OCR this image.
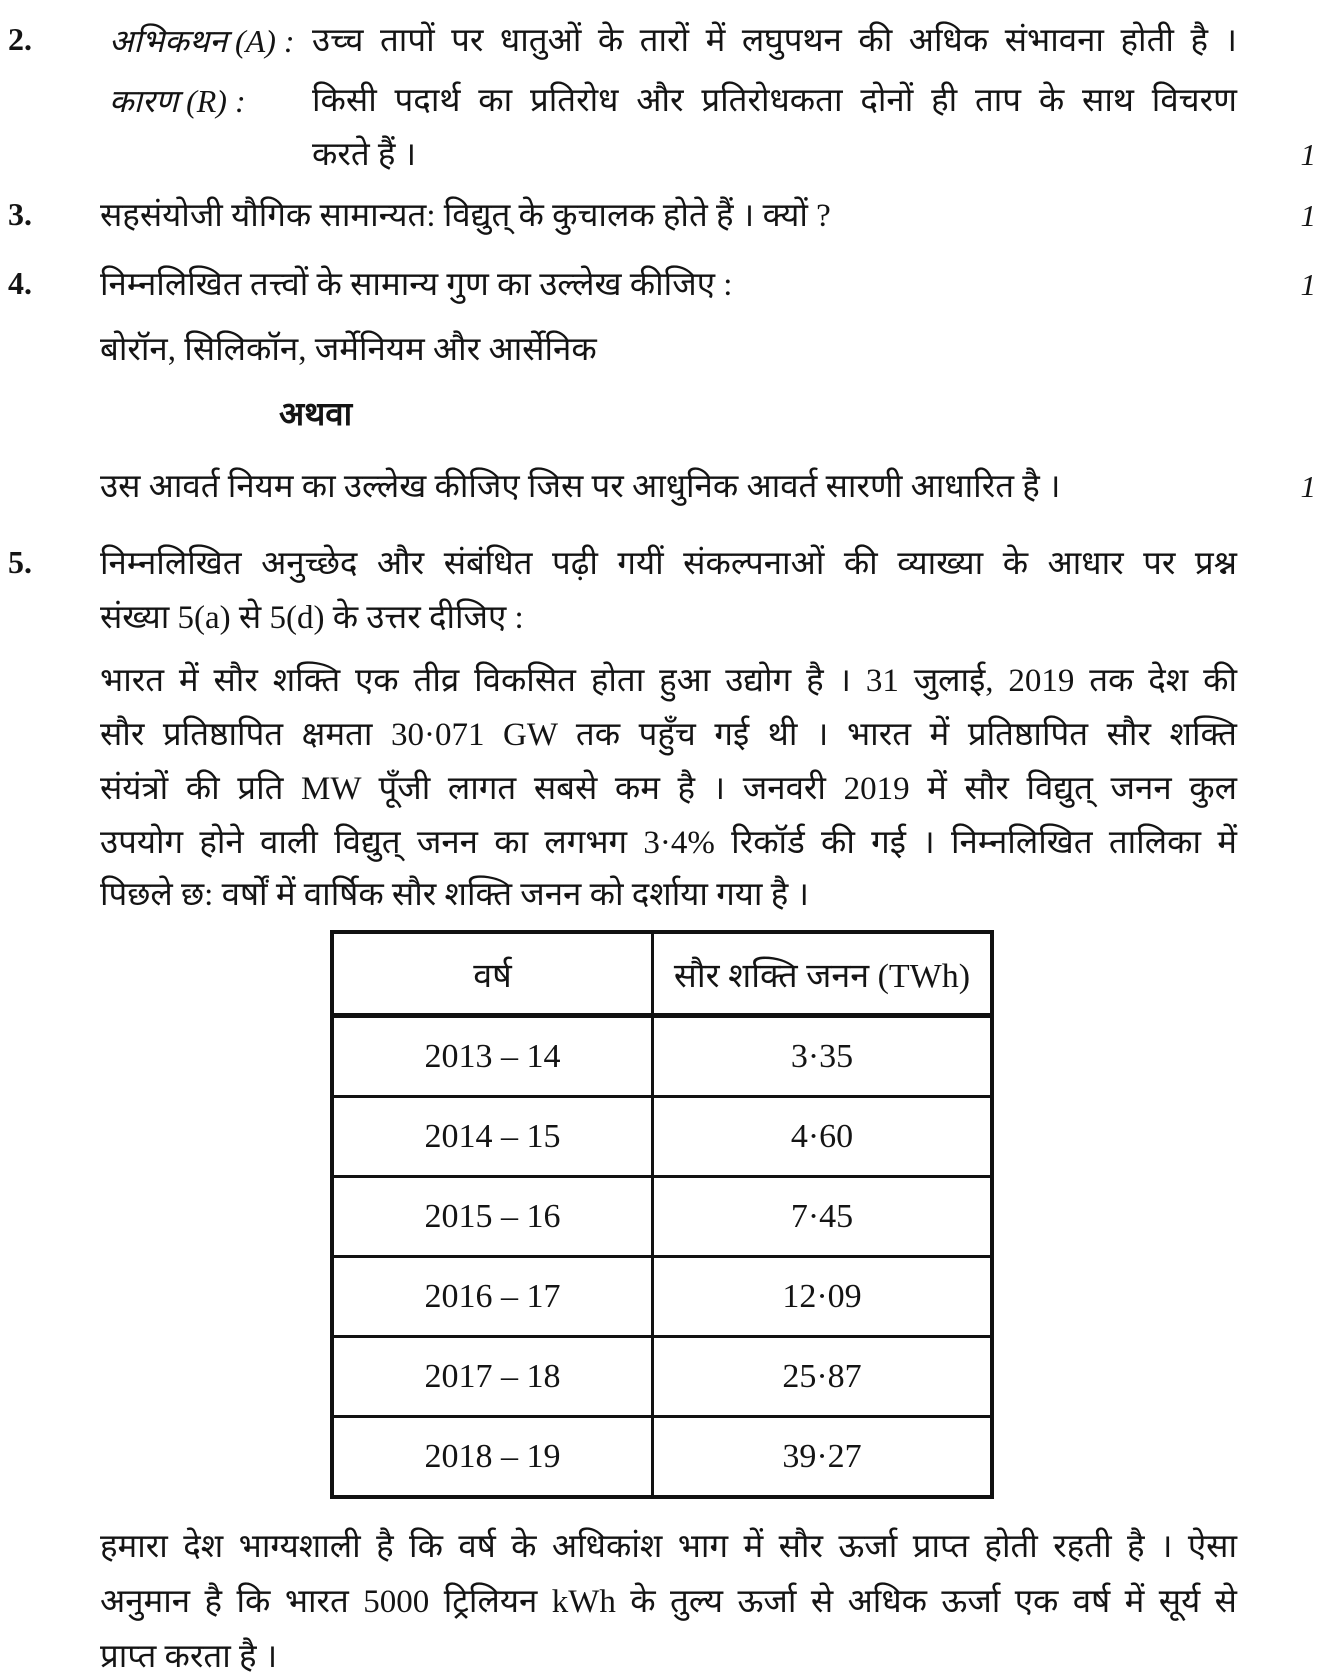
2. अभिकथन (A) : उच्च तापों पर धातुओं के तारों में लघुपथन की अधिक संभावना होती है ।
कारण (R) : किसी पदार्थ का प्रतिरोध और प्रतिरोधकता दोनों ही ताप के साथ विचरण
करते हैं ।	1
3. सहसंयोजी यौगिक सामान्यत: विद्युत् के कुचालक होते हैं । क्यों ?	1
4. निम्नलिखित तत्त्वों के सामान्य गुण का उल्लेख कीजिए :	1
बोरॉन, सिलिकॉन, जर्मेनियम और आर्सेनिक
अथवा
उस आवर्त नियम का उल्लेख कीजिए जिस पर आधुनिक आवर्त सारणी आधारित है ।	1
5. निम्नलिखित अनुच्छेद और संबंधित पढ़ी गयीं संकल्पनाओं की व्याख्या के आधार पर प्रश्न
संख्या 5(a) से 5(d) के उत्तर दीजिए :
भारत में सौर शक्ति एक तीव्र विकसित होता हुआ उद्योग है । 31 जुलाई, 2019 तक देश की
सौर प्रतिष्ठापित क्षमता 30·071 GW तक पहुँच गई थी । भारत में प्रतिष्ठापित सौर शक्ति
संयंत्रों की प्रति MW पूँजी लागत सबसे कम है । जनवरी 2019 में सौर विद्युत् जनन कुल
उपयोग होने वाली विद्युत् जनन का लगभग 3·4% रिकॉर्ड की गई । निम्नलिखित तालिका में
पिछले छ: वर्षों में वार्षिक सौर शक्ति जनन को दर्शाया गया है ।
वर्ष	सौर शक्ति जनन (TWh)
2013 – 14	3·35
2014 – 15	4·60
2015 – 16	7·45
2016 – 17	12·09
2017 – 18	25·87
2018 – 19	39·27
हमारा देश भाग्यशाली है कि वर्ष के अधिकांश भाग में सौर ऊर्जा प्राप्त होती रहती है । ऐसा
अनुमान है कि भारत 5000 ट्रिलियन kWh के तुल्य ऊर्जा से अधिक ऊर्जा एक वर्ष में सूर्य से
प्राप्त करता है ।
